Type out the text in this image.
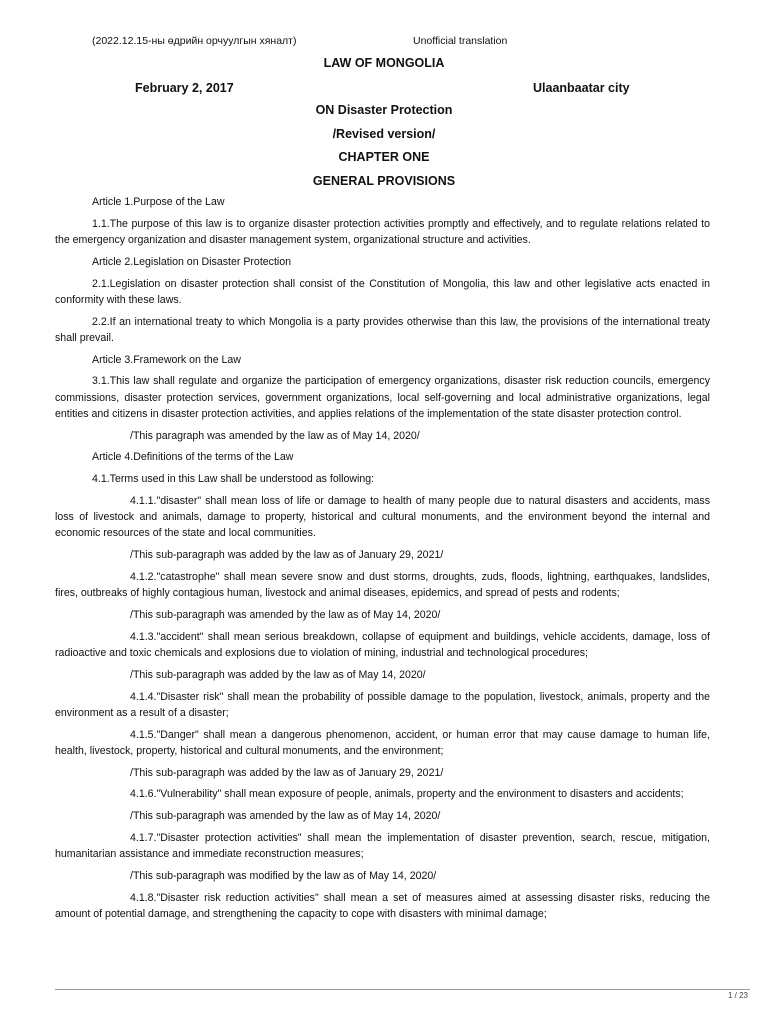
(2022.12.15-ны өдрийн орчуулгын хяналт)	Unofficial translation
LAW OF MONGOLIA
February 2, 2017	Ulaanbaatar city
ON Disaster Protection
/Revised version/
CHAPTER ONE
GENERAL PROVISIONS

Article 1.Purpose of the Law

1.1.The purpose of this law is to organize disaster protection activities promptly and effectively, and to regulate relations related to the emergency organization and disaster management system, organizational structure and activities.

Article 2.Legislation on Disaster Protection

2.1.Legislation on disaster protection shall consist of the Constitution of Mongolia, this law and other legislative acts enacted in conformity with these laws.

2.2.If an international treaty to which Mongolia is a party provides otherwise than this law, the provisions of the international treaty shall prevail.

Article 3.Framework on the Law

3.1.This law shall regulate and organize the participation of emergency organizations, disaster risk reduction councils, emergency commissions, disaster protection services, government organizations, local self-governing and local administrative organizations, legal entities and citizens in disaster protection activities, and applies relations of the implementation of the state disaster protection control.

/This paragraph was amended by the law as of May 14, 2020/

Article 4.Definitions of the terms of the Law

4.1.Terms used in this Law shall be understood as following:

4.1.1."disaster" shall mean loss of life or damage to health of many people due to natural disasters and accidents, mass loss of livestock and animals, damage to property, historical and cultural monuments, and the environment beyond the internal and economic resources of the state and local communities.

/This sub-paragraph was added by the law as of January 29, 2021/

4.1.2."catastrophe" shall mean severe snow and dust storms, droughts, zuds, floods, lightning, earthquakes, landslides, fires, outbreaks of highly contagious human, livestock and animal diseases, epidemics, and spread of pests and rodents;

/This sub-paragraph was amended by the law as of May 14, 2020/

4.1.3."accident" shall mean serious breakdown, collapse of equipment and buildings, vehicle accidents, damage, loss of radioactive and toxic chemicals and explosions due to violation of mining, industrial and technological procedures;

/This sub-paragraph was added by the law as of May 14, 2020/

4.1.4."Disaster risk" shall mean the probability of possible damage to the population, livestock, animals, property and the environment as a result of a disaster;

4.1.5."Danger" shall mean a dangerous phenomenon, accident, or human error that may cause damage to human life, health, livestock, property, historical and cultural monuments, and the environment;

/This sub-paragraph was added by the law as of January 29, 2021/

4.1.6."Vulnerability" shall mean exposure of people, animals, property and the environment to disasters and accidents;

/This sub-paragraph was amended by the law as of May 14, 2020/

4.1.7."Disaster protection activities" shall mean the implementation of disaster prevention, search, rescue, mitigation, humanitarian assistance and immediate reconstruction measures;

/This sub-paragraph was modified by the law as of May 14, 2020/

4.1.8."Disaster risk reduction activities" shall mean a set of measures aimed at assessing disaster risks, reducing the amount of potential damage, and strengthening the capacity to cope with disasters with minimal damage;

1 / 23
